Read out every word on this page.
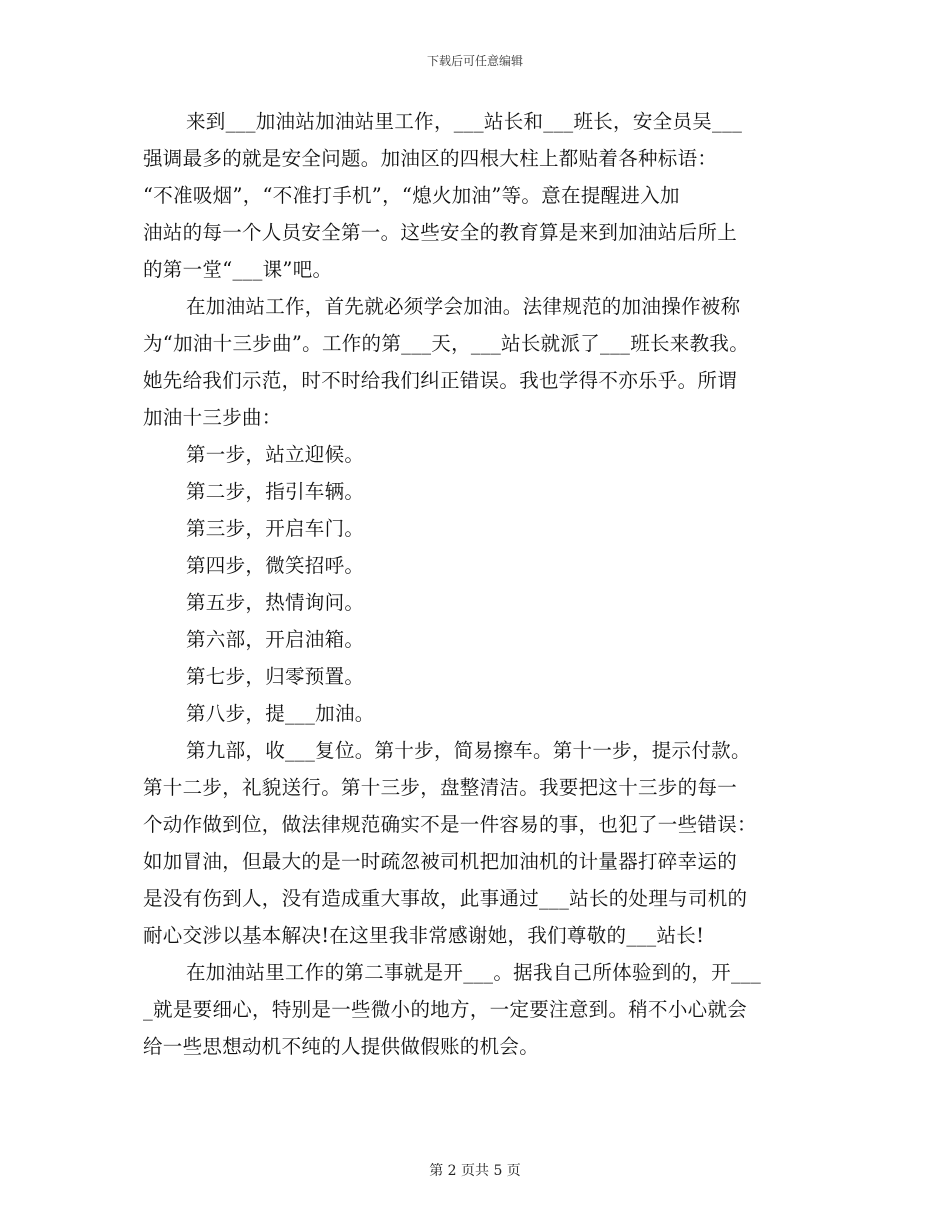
下载后可任意编辑
来到___加油站加油站里工作，___站长和___班长，安全员吴___
强调最多的就是安全问题。加油区的四根大柱上都贴着各种标语：
“不准吸烟”，“不准打手机”，“熄火加油”等。意在提醒进入加
油站的每一个人员安全第一。这些安全的教育算是来到加油站后所上
的第一堂“___课”吧。
在加油站工作，首先就必须学会加油。法律规范的加油操作被称
为“加油十三步曲”。工作的第___天，___站长就派了___班长来教我。
她先给我们示范，时不时给我们纠正错误。我也学得不亦乐乎。所谓
加油十三步曲：
第一步，站立迎候。
第二步，指引车辆。
第三步，开启车门。
第四步，微笑招呼。
第五步，热情询问。
第六部，开启油箱。
第七步，归零预置。
第八步，提___加油。
第九部，收___复位。第十步，简易擦车。第十一步，提示付款。
第十二步，礼貌送行。第十三步，盘整清洁。我要把这十三步的每一
个动作做到位，做法律规范确实不是一件容易的事，也犯了一些错误：
如加冒油，但最大的是一时疏忽被司机把加油机的计量器打碎幸运的
是没有伤到人，没有造成重大事故，此事通过___站长的处理与司机的
耐心交涉以基本解决!在这里我非常感谢她，我们尊敬的___站长!
在加油站里工作的第二事就是开___。据我自己所体验到的，开___
_就是要细心，特别是一些微小的地方，一定要注意到。稍不小心就会
给一些思想动机不纯的人提供做假账的机会。
第 2 页共 5 页
